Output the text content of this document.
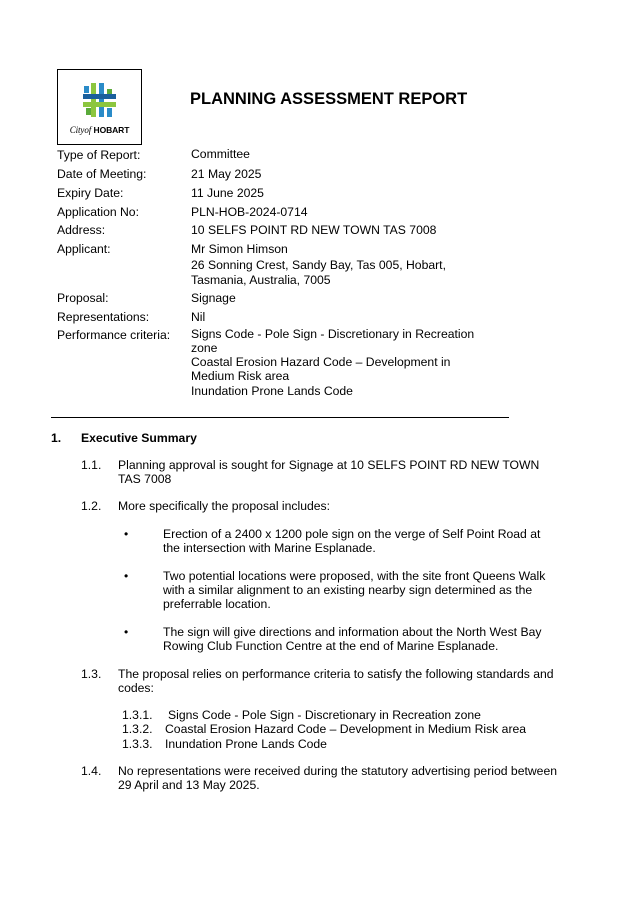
Cityof HOBART
PLANNING ASSESSMENT REPORT
Type of Report:	Committee
Date of Meeting:	21 May 2025
Expiry Date:	11 June 2025
Application No:	PLN-HOB-2024-0714
Address:	10 SELFS POINT RD NEW TOWN TAS 7008
Applicant:	Mr Simon Himson
26 Sonning Crest, Sandy Bay, Tas 005, Hobart,
Tasmania, Australia, 7005
Proposal:	Signage
Representations:	Nil
Performance criteria: Signs Code - Pole Sign - Discretionary in Recreation
zone
Coastal Erosion Hazard Code – Development in
Medium Risk area
Inundation Prone Lands Code
1. Executive Summary
1.1. Planning approval is sought for Signage at 10 SELFS POINT RD NEW TOWN
TAS 7008
1.2. More specifically the proposal includes:
•	Erection of a 2400 x 1200 pole sign on the verge of Self Point Road at
the intersection with Marine Esplanade.
•	Two potential locations were proposed, with the site front Queens Walk
with a similar alignment to an existing nearby sign determined as the
preferrable location.
•	The sign will give directions and information about the North West Bay
Rowing Club Function Centre at the end of Marine Esplanade.
1.3. The proposal relies on performance criteria to satisfy the following standards and
codes:
1.3.1. Signs Code - Pole Sign - Discretionary in Recreation zone
1.3.2. Coastal Erosion Hazard Code – Development in Medium Risk area
1.3.3. Inundation Prone Lands Code
1.4. No representations were received during the statutory advertising period between
29 April and 13 May 2025.
